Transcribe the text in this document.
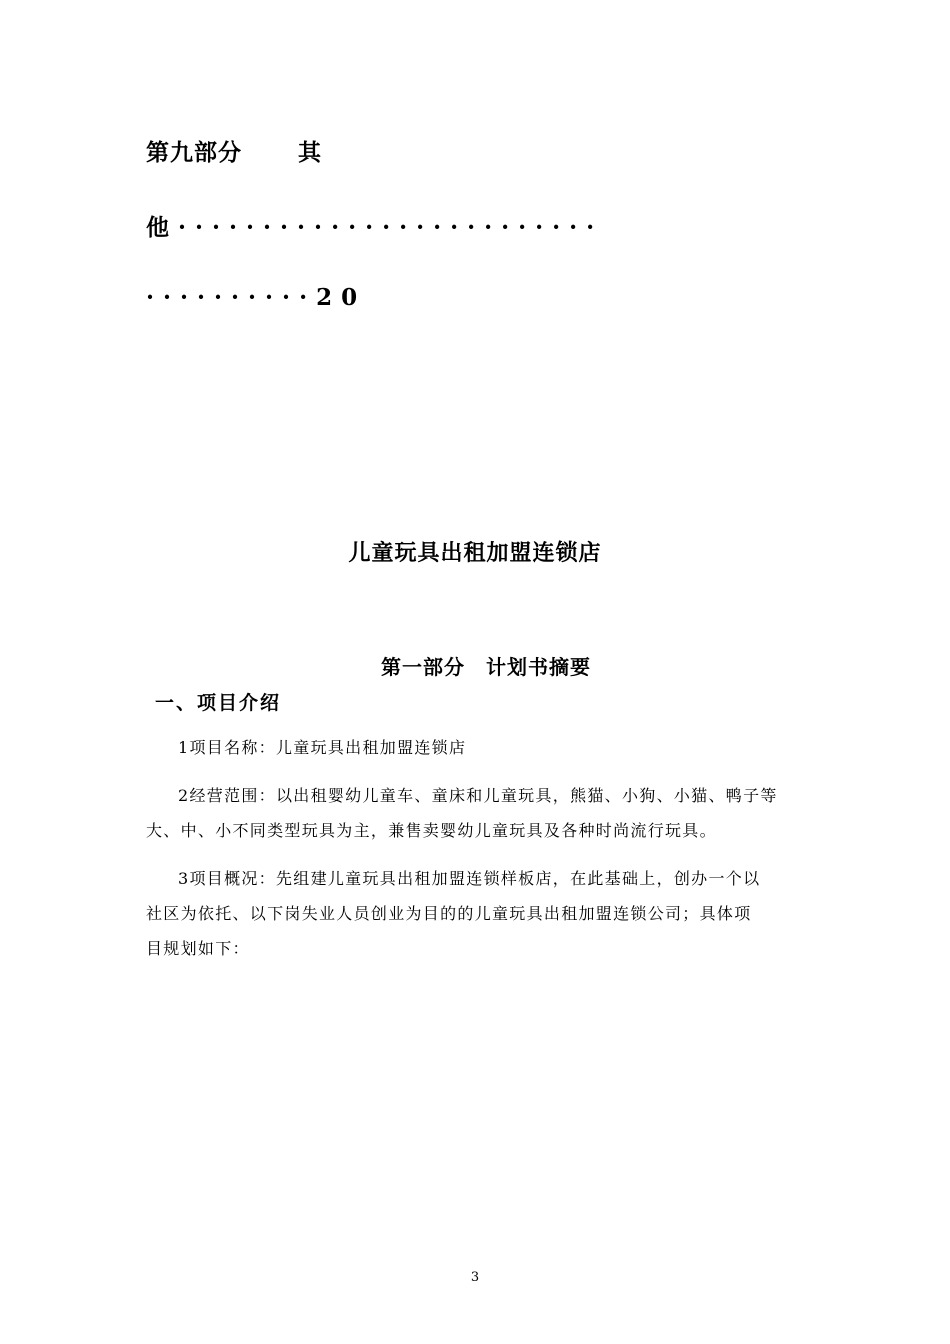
第九部分 其
他·························
··········20
儿童玩具出租加盟连锁店
第一部分　计划书摘要
一、项目介绍
1项目名称：儿童玩具出租加盟连锁店
2经营范围：以出租婴幼儿童车、童床和儿童玩具，熊猫、小狗、小猫、鸭子等
大、中、小不同类型玩具为主，兼售卖婴幼儿童玩具及各种时尚流行玩具。
3项目概况：先组建儿童玩具出租加盟连锁样板店，在此基础上，创办一个以
社区为依托、以下岗失业人员创业为目的的儿童玩具出租加盟连锁公司；具体项
目规划如下：
3
